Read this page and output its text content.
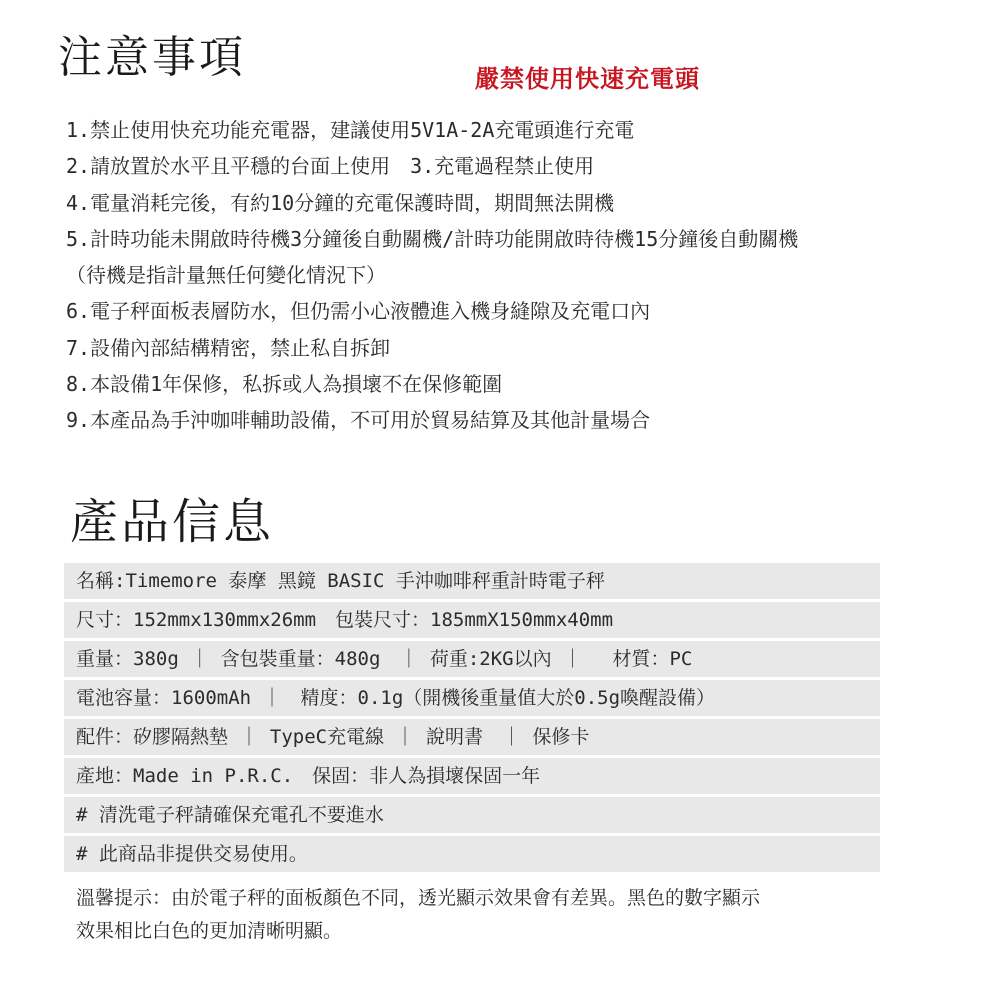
注意事項	嚴禁使用快速充電頭
1.禁止使用快充功能充電器，建議使用5V1A-2A充電頭進行充電
2.請放置於水平且平穩的台面上使用　3.充電過程禁止使用
4.電量消耗完後，有約10分鐘的充電保護時間，期間無法開機
5.計時功能未開啟時待機3分鐘後自動關機/計時功能開啟時待機15分鐘後自動關機
（待機是指計量無任何變化情況下）
6.電子秤面板表層防水，但仍需小心液體進入機身縫隙及充電口內
7.設備內部結構精密，禁止私自拆卸
8.本設備1年保修，私拆或人為損壞不在保修範圍
9.本產品為手沖咖啡輔助設備，不可用於貿易結算及其他計量場合
產品信息
名稱:Timemore 泰摩 黑鏡 BASIC 手沖咖啡秤重計時電子秤
尺寸：152mmx130mmx26mm　包裝尺寸：185mmX150mmx40mm
重量：380g ｜ 含包裝重量：480g　｜ 荷重:2KG以內 ｜　 材質：PC
電池容量：1600mAh ｜　精度：0.1g（開機後重量值大於0.5g喚醒設備）
配件：矽膠隔熱墊 ｜ TypeC充電線 ｜ 說明書　｜ 保修卡
產地：Made in P.R.C.　保固：非人為損壞保固一年
# 清洗電子秤請確保充電孔不要進水
# 此商品非提供交易使用。
溫馨提示：由於電子秤的面板顏色不同，透光顯示效果會有差異。黑色的數字顯示
效果相比白色的更加清晰明顯。
